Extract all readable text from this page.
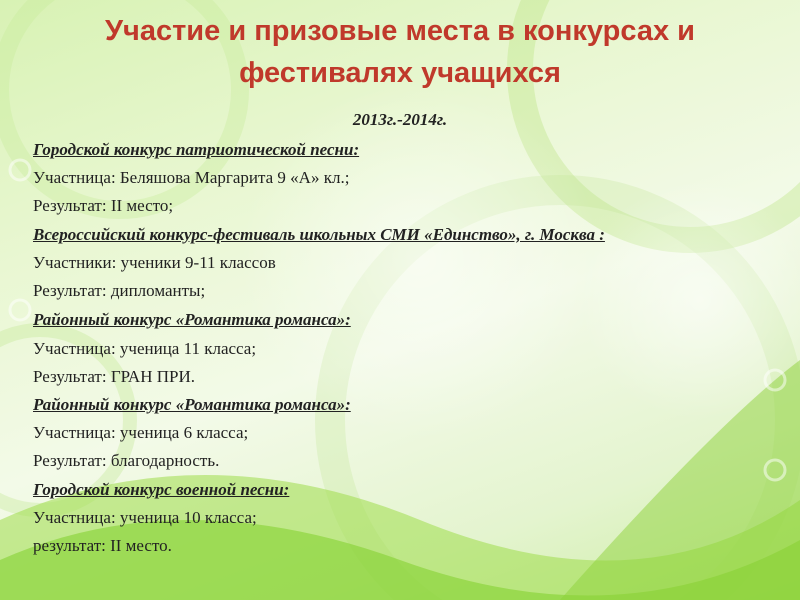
Участие и призовые места в конкурсах и
фестивалях учащихся
2013г.-2014г.
Городской конкурс патриотической песни:
Участница: Беляшова Маргарита 9 «А» кл.;
Результат: II место;
Всероссийский конкурс-фестиваль школьных СМИ «Единство», г. Москва :
Участники: ученики 9-11 классов
Результат: дипломанты;
Районный конкурс «Романтика романса»:
Участница: ученица 11 класса;
Результат: ГРАН ПРИ.
Районный конкурс «Романтика романса»:
Участница: ученица 6 класса;
Результат: благодарность.
Городской конкурс военной песни:
Участница: ученица 10 класса;
результат: II место.
